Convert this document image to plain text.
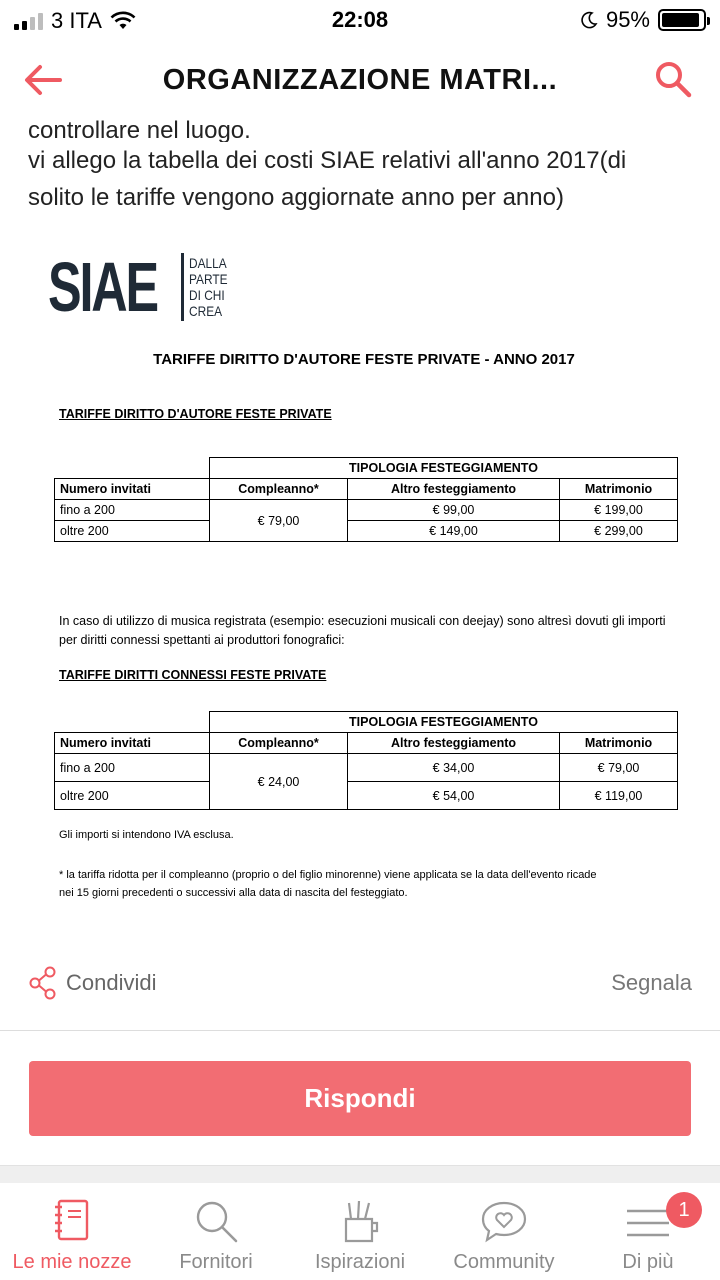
3 ITA	22:08	95%
ORGANIZZAZIONE MATRI...

controllare nel luogo.

vi allego la tabella dei costi SIAE relativi all'anno 2017(di

solito le tariffe vengono aggiornate anno per anno)

SIAE DALLA
PARTE
DI CHI
CREA
TARIFFE DIRITTO D'AUTORE FESTE PRIVATE - ANNO 2017
TARIFFE DIRITTO D'AUTORE FESTE PRIVATE
	TIPOLOGIA FESTEGGIAMENTO		
Numero invitati	Compleanno*	Altro festeggiamento	Matrimonio
fino a 200	€ 79,00	€ 99,00	€ 199,00
oltre 200		€ 149,00	€ 299,00
In caso di utilizzo di musica registrata (esempio: esecuzioni musicali con deejay) sono altresì dovuti gli importi per diritti connessi spettanti ai produttori fonografici:
TARIFFE DIRITTI CONNESSI FESTE PRIVATE
	TIPOLOGIA FESTEGGIAMENTO		
Numero invitati	Compleanno*	Altro festeggiamento	Matrimonio
fino a 200	€ 24,00	€ 34,00	€ 79,00
oltre 200		€ 54,00	€ 119,00
Gli importi si intendono IVA esclusa.
* la tariffa ridotta per il compleanno (proprio o del figlio minorenne) viene applicata se la data dell'evento ricade
nei 15 giorni precedenti o successivi alla data di nascita del festeggiato.
Condividi	Segnala
Rispondi
Le mie nozze Fornitori	Ispirazioni Community	Di più
1
